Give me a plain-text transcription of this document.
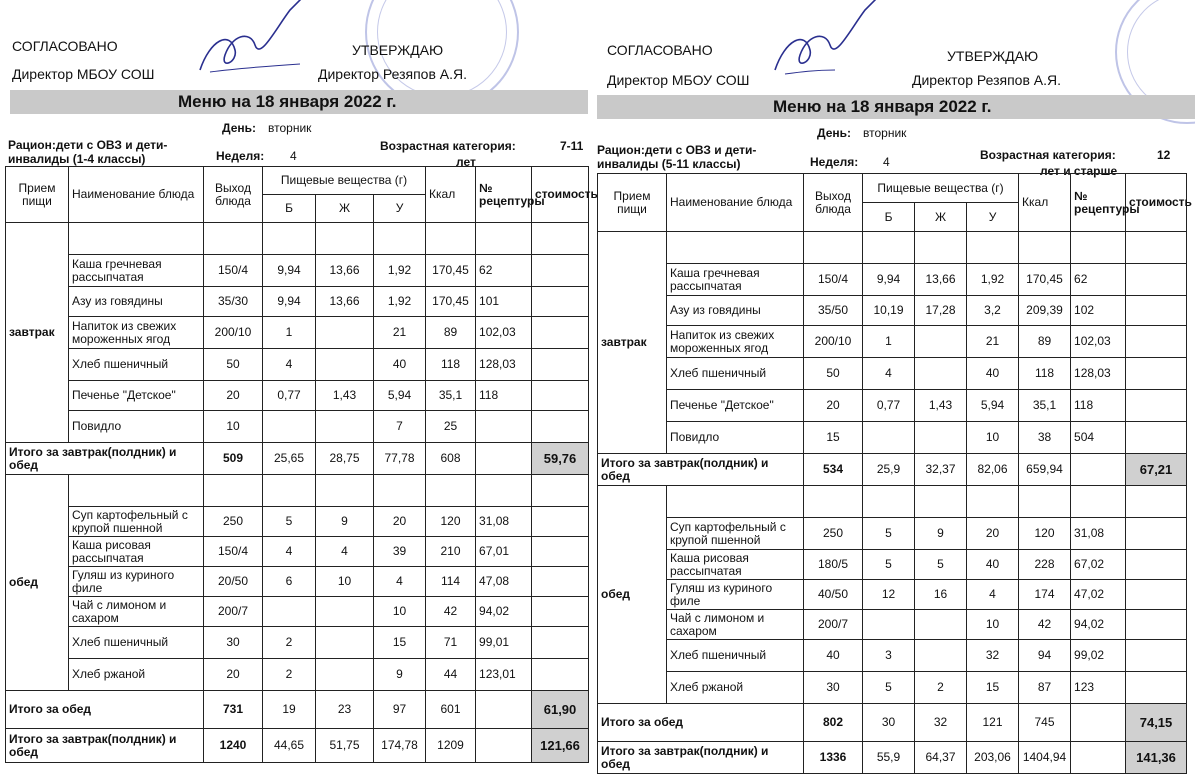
СОГЛАСОВАНО
Директор МБОУ СОШ
УТВЕРЖДАЮ
Директор Резяпов А.Я.
Меню на 18 января 2022 г.
День: вторник
Рацион:дети с ОВЗ и дети-инвалиды (1-4 классы)	Неделя: 4
Возрастная категория:	7-11
лет
Прием пищи	Наименование блюда	Выход блюда	Пищевые вещества (г)			Ккал	№ рецептуры	стоимость
			Б	Ж	У			
завтрак								
	Каша гречневая рассыпчатая	150/4	9,94	13,66	1,92	170,45	62	
	Азу из говядины	35/30	9,94	13,66	1,92	170,45	101	
	Напиток из свежих мороженных ягод	200/10	1		21	89	102,03	
	Хлеб пшеничный	50	4		40	118	128,03	
	Печенье "Детское"	20	0,77	1,43	5,94	35,1	118	
	Повидло	10			7	25		
Итого за завтрак(полдник) и обед		509	25,65	28,75	77,78	608		59,76
обед								
	Суп картофельный с крупой пшенной	250	5	9	20	120	31,08	
	Каша рисовая рассыпчатая	150/4	4	4	39	210	67,01	
	Гуляш из куриного филе	20/50	6	10	4	114	47,08	
	Чай с лимоном и сахаром	200/7			10	42	94,02	
	Хлеб пшеничный	30	2		15	71	99,01	
	Хлеб ржаной	20	2		9	44	123,01	
Итого за обед		731	19	23	97	601		61,90
Итого за завтрак(полдник) и обед		1240	44,65	51,75	174,78	1209		121,66
СОГЛАСОВАНО
Директор МБОУ СОШ
УТВЕРЖДАЮ
Директор Резяпов А.Я.
Меню на 18 января 2022 г.
День: вторник
Рацион:дети с ОВЗ и дети-инвалиды (5-11 классы)	Неделя: 4	Возрастная категория:	12
лет и старше
Прием пищи	Наименование блюда	Выход блюда	Пищевые вещества (г)			Ккал	№ рецептуры	стоимость
			Б	Ж	У			
завтрак								
	Каша гречневая рассыпчатая	150/4	9,94	13,66	1,92	170,45	62	
	Азу из говядины	35/50	10,19	17,28	3,2	209,39	102	
	Напиток из свежих мороженных ягод	200/10	1		21	89	102,03	
	Хлеб пшеничный	50	4		40	118	128,03	
	Печенье "Детское"	20	0,77	1,43	5,94	35,1	118	
	Повидло	15			10	38	504	
Итого за завтрак(полдник) и обед		534	25,9	32,37	82,06	659,94		67,21
обед								
	Суп картофельный с крупой пшенной	250	5	9	20	120	31,08	
	Каша рисовая рассыпчатая	180/5	5	5	40	228	67,02	
	Гуляш из куриного филе	40/50	12	16	4	174	47,02	
	Чай с лимоном и сахаром	200/7			10	42	94,02	
	Хлеб пшеничный	40	3		32	94	99,02	
	Хлеб ржаной	30	5	2	15	87	123	
Итого за обед		802	30	32	121	745		74,15
Итого за завтрак(полдник) и обед		1336	55,9	64,37	203,06	1404,94		141,36
